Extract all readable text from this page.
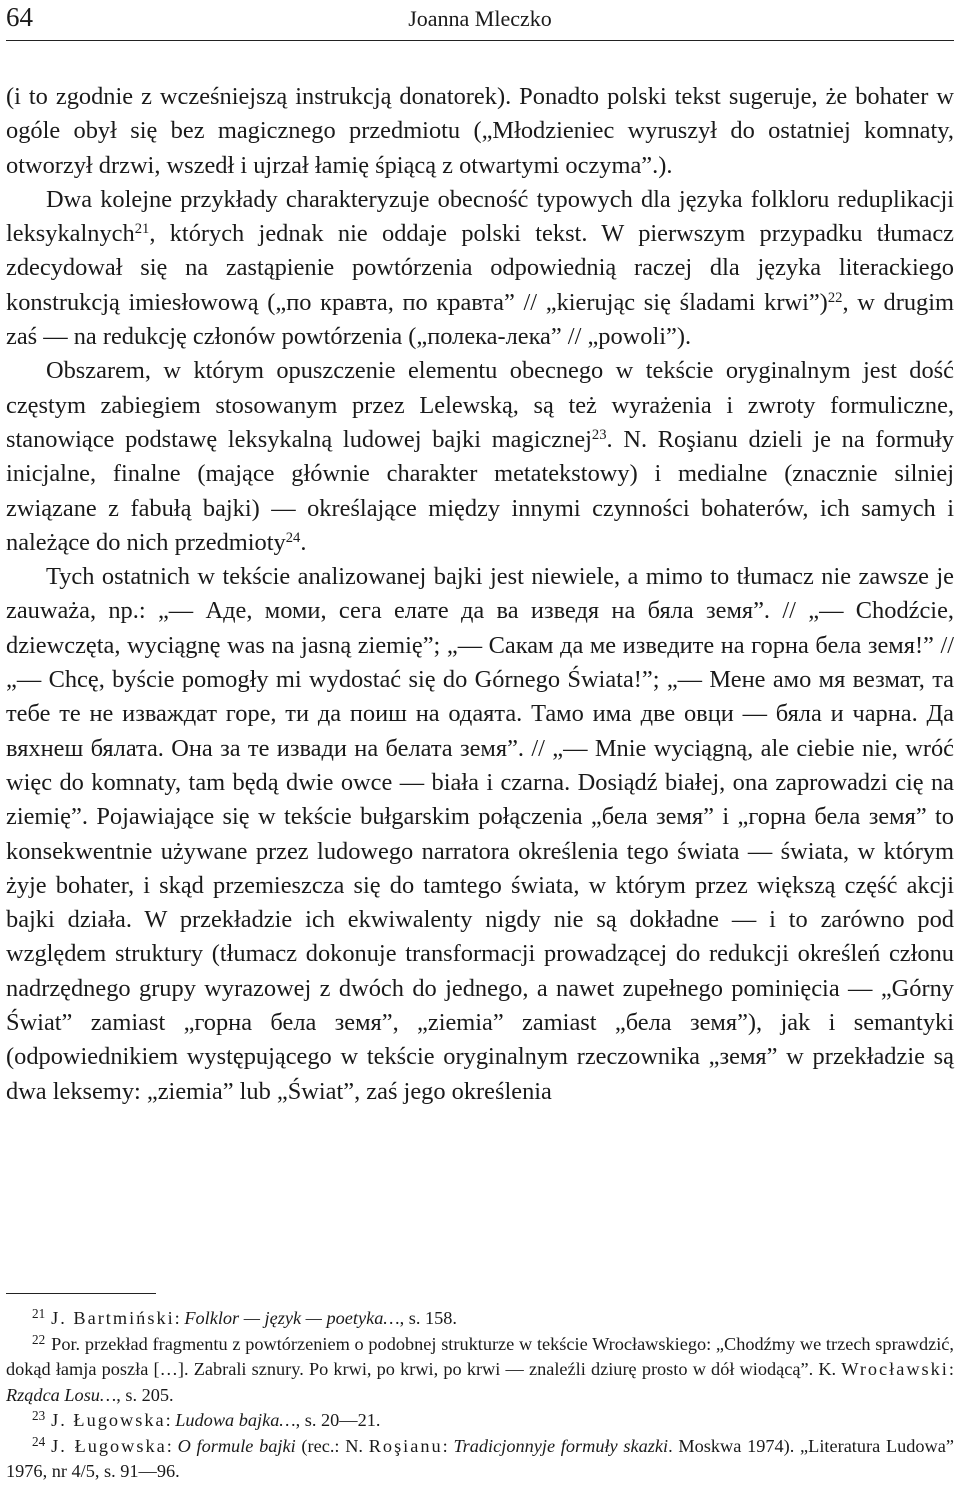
64	Joanna Mleczko

(i to zgodnie z wcześniejszą instrukcją donatorek). Ponadto polski tekst sugeruje, że bohater w ogóle obył się bez magicznego przedmiotu („Młodzieniec wyruszył do ostatniej komnaty, otworzył drzwi, wszedł i ujrzał łamię śpiącą z otwartymi oczyma”.).

Dwa kolejne przykłady charakteryzuje obecność typowych dla języka folkloru reduplikacji leksykalnych$^{21}$, których jednak nie oddaje polski tekst. W pierwszym przypadku tłumacz zdecydował się na zastąpienie powtórzenia odpowiednią raczej dla języka literackiego konstrukcją imiesłowową („по кравта, по кравта” // „kierując się śladami krwi”)$^{22}$, w drugim zaś — na redukcję członów powtórzenia („полека-лека” // „powoli”).

Obszarem, w którym opuszczenie elementu obecnego w tekście oryginalnym jest dość częstym zabiegiem stosowanym przez Lelewską, są też wyrażenia i zwroty formuliczne, stanowiące podstawę leksykalną ludowej bajki magicznej$^{23}$. N. Roşianu dzieli je na formuły inicjalne, finalne (mające głównie charakter metatekstowy) i medialne (znacznie silniej związane z fabułą bajki) — określające między innymi czynności bohaterów, ich samych i należące do nich przedmioty$^{24}$.

Tych ostatnich w tekście analizowanej bajki jest niewiele, a mimo to tłumacz nie zawsze je zauważa, np.: „— Аде, моми, сега елате да ва изведя на бяла земя”. // „— Chodźcie, dziewczęta, wyciągnę was na jasną ziemię”; „— Сакам да ме изведите на горна бела земя!” // „— Chcę, byście pomogły mi wydostać się do Górnego Świata!”; „— Мене амо мя везмат, та тебе те не изваждат горе, ти да поиш на одаята. Тамо има две овци — бяла и чарна. Да вяхнеш бялата. Она за те извади на белата земя”. // „— Mnie wyciągną, ale ciebie nie, wróć więc do komnaty, tam będą dwie owce — biała i czarna. Dosiądź białej, ona zaprowadzi cię na ziemię”. Pojawiające się w tekście bułgarskim połączenia „бела земя” i „горна бела земя” to konsekwentnie używane przez ludowego narratora określenia tego świata — świata, w którym żyje bohater, i skąd przemieszcza się do tamtego świata, w którym przez większą część akcji bajki działa. W przekładzie ich ekwiwalenty nigdy nie są dokładne — i to zarówno pod względem struktury (tłumacz dokonuje transformacji prowadzącej do redukcji określeń członu nadrzędnego grupy wyrazowej z dwóch do jednego, a nawet zupełnego pominięcia — „Górny Świat” zamiast „горна бела земя”, „ziemia” zamiast „бела земя”), jak i semantyki (odpowiednikiem występującego w tekście oryginalnym rzeczownika „земя” w przekładzie są dwa leksemy: „ziemia” lub „Świat”, zaś jego określenia

$^{21}$ J. Bartmiński: Folklor — język — poetyka…, s. 158.

$^{22}$ Por. przekład fragmentu z powtórzeniem o podobnej strukturze w tekście Wrocławskiego: „Chodźmy we trzech sprawdzić, dokąd łamja poszła […]. Zabrali sznury. Po krwi, po krwi, po krwi — znaleźli dziurę prosto w dół wiodącą”. K. Wrocławski: Rządca Losu…, s. 205.

$^{23}$ J. Ługowska: Ludowa bajka…, s. 20—21.

$^{24}$ J. Ługowska: O formule bajki (rec.: N. Roşianu: Tradicjonnyje formuły skazki. Moskwa 1974). „Literatura Ludowa” 1976, nr 4/5, s. 91—96.
